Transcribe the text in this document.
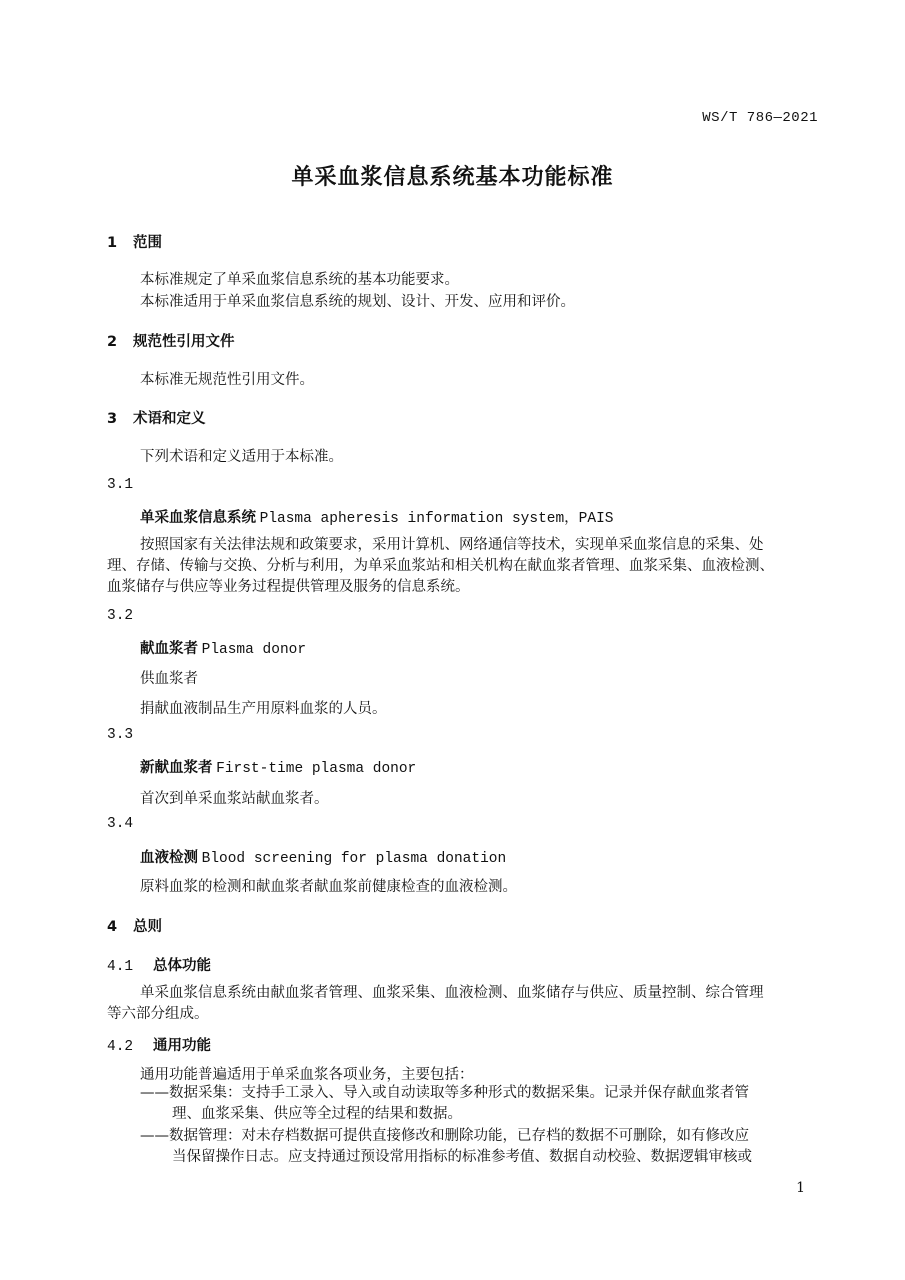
WS/T 786—2021
单采血浆信息系统基本功能标准
1 范围
本标准规定了单采血浆信息系统的基本功能要求。
本标准适用于单采血浆信息系统的规划、设计、开发、应用和评价。
2 规范性引用文件
本标准无规范性引用文件。
3 术语和定义
下列术语和定义适用于本标准。
3.1
单采血浆信息系统 Plasma apheresis information system，PAIS
按照国家有关法律法规和政策要求，采用计算机、网络通信等技术，实现单采血浆信息的采集、处
理、存储、传输与交换、分析与利用，为单采血浆站和相关机构在献血浆者管理、血浆采集、血液检测、
血浆储存与供应等业务过程提供管理及服务的信息系统。
3.2
献血浆者 Plasma donor
供血浆者
捐献血液制品生产用原料血浆的人员。
3.3
新献血浆者 First-time plasma donor
首次到单采血浆站献血浆者。
3.4
血液检测 Blood screening for plasma donation
原料血浆的检测和献血浆者献血浆前健康检查的血液检测。
4 总则
4.1 总体功能
单采血浆信息系统由献血浆者管理、血浆采集、血液检测、血浆储存与供应、质量控制、综合管理
等六部分组成。
4.2 通用功能
通用功能普遍适用于单采血浆各项业务，主要包括：
——数据采集：支持手工录入、导入或自动读取等多种形式的数据采集。记录并保存献血浆者管
理、血浆采集、供应等全过程的结果和数据。
——数据管理：对未存档数据可提供直接修改和删除功能，已存档的数据不可删除，如有修改应
当保留操作日志。应支持通过预设常用指标的标准参考值、数据自动校验、数据逻辑审核或
1
